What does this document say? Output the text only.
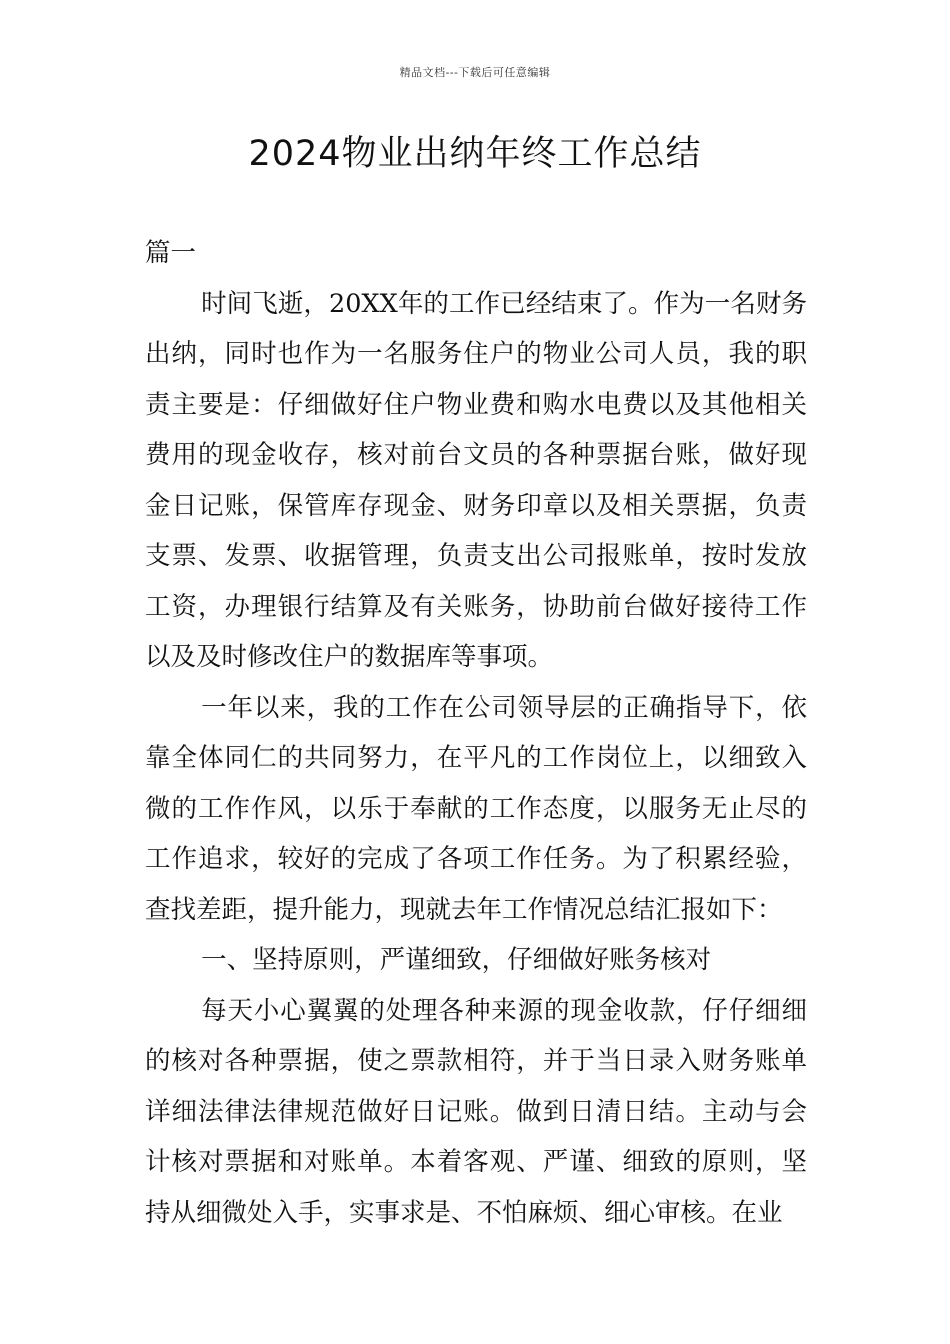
精品文档---下载后可任意编辑
2024物业出纳年终工作总结

篇一

时间飞逝，20XX年的工作已经结束了。作为一名财务出纳，同时也作为一名服务住户的物业公司人员，我的职责主要是：仔细做好住户物业费和购水电费以及其他相关费用的现金收存，核对前台文员的各种票据台账，做好现金日记账，保管库存现金、财务印章以及相关票据，负责支票、发票、收据管理，负责支出公司报账单，按时发放工资，办理银行结算及有关账务，协助前台做好接待工作以及及时修改住户的数据库等事项。

一年以来，我的工作在公司领导层的正确指导下，依靠全体同仁的共同努力，在平凡的工作岗位上，以细致入微的工作作风，以乐于奉献的工作态度，以服务无止尽的工作追求，较好的完成了各项工作任务。为了积累经验，查找差距，提升能力，现就去年工作情况总结汇报如下：

一、坚持原则，严谨细致，仔细做好账务核对

每天小心翼翼的处理各种来源的现金收款，仔仔细细的核对各种票据，使之票款相符，并于当日录入财务账单详细法律法律规范做好日记账。做到日清日结。主动与会计核对票据和对账单。本着客观、严谨、细致的原则，坚持从细微处入手，实事求是、不怕麻烦、细心审核。在业
